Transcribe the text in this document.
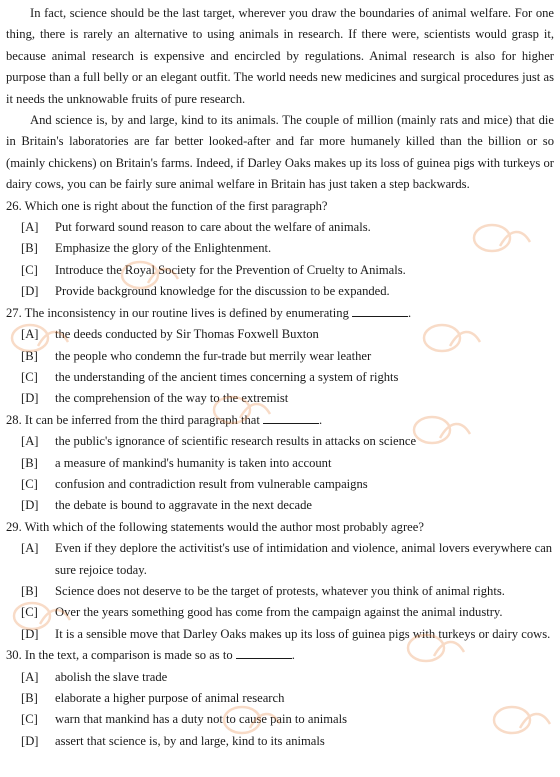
In fact, science should be the last target, wherever you draw the boundaries of animal welfare. For one thing, there is rarely an alternative to using animals in research. If there were, scientists would grasp it, because animal research is expensive and encircled by regulations. Animal research is also for higher purpose than a full belly or an elegant outfit. The world needs new medicines and surgical procedures just as it needs the unknowable fruits of pure research.

And science is, by and large, kind to its animals. The couple of million (mainly rats and mice) that die in Britain's laboratories are far better looked-after and far more humanely killed than the billion or so (mainly chickens) on Britain's farms. Indeed, if Darley Oaks makes up its loss of guinea pigs with turkeys or dairy cows, you can be fairly sure animal welfare in Britain has just taken a step backwards.

26. Which one is right about the function of the first paragraph?

[A] Put forward sound reason to care about the welfare of animals.

[B] Emphasize the glory of the Enlightenment.

[C] Introduce the Royal Society for the Prevention of Cruelty to Animals.

[D] Provide background knowledge for the discussion to be expanded.

27. The inconsistency in our routine lives is defined by enumerating	.

[A] the deeds conducted by Sir Thomas Foxwell Buxton

[B] the people who condemn the fur-trade but merrily wear leather

[C] the understanding of the ancient times concerning a system of rights

[D] the comprehension of the way to the extremist

28. It can be inferred from the third paragraph that	.

[A] the public's ignorance of scientific research results in attacks on science

[B] a measure of mankind's humanity is taken into account

[C] confusion and contradiction result from vulnerable campaigns

[D] the debate is bound to aggravate in the next decade

29. With which of the following statements would the author most probably agree?

[A] Even if they deplore the activitist's use of intimidation and violence, animal lovers everywhere can sure rejoice today.

[B] Science does not deserve to be the target of protests, whatever you think of animal rights.

[C] Over the years something good has come from the campaign against the animal industry.

[D] It is a sensible move that Darley Oaks makes up its loss of guinea pigs with turkeys or dairy cows.

30. In the text, a comparison is made so as to	.

[A] abolish the slave trade

[B] elaborate a higher purpose of animal research

[C] warn that mankind has a duty not to cause pain to animals

[D] assert that science is, by and large, kind to its animals
